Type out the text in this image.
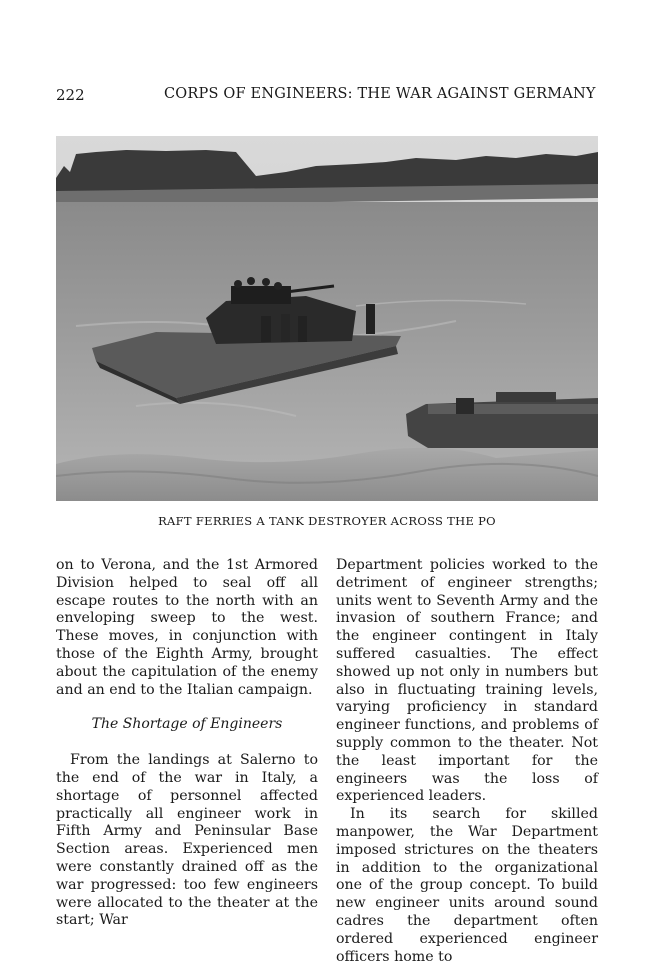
222	CORPS OF ENGINEERS: THE WAR AGAINST GERMANY
RAFT FERRIES A TANK DESTROYER ACROSS THE PO

on to Verona, and the 1st Armored Division helped to seal off all escape routes to the north with an enveloping sweep to the west. These moves, in conjunction with those of the Eighth Army, brought about the capitulation of the enemy and an end to the Italian campaign.

The Shortage of Engineers

From the landings at Salerno to the end of the war in Italy, a shortage of personnel affected practically all engineer work in Fifth Army and Peninsular Base Section areas. Experienced men were constantly drained off as the war progressed: too few engineers were allocated to the theater at the start; War

Department policies worked to the detriment of engineer strengths; units went to Seventh Army and the invasion of southern France; and the engineer contingent in Italy suffered casualties. The effect showed up not only in numbers but also in fluctuating training levels, varying proficiency in standard engineer functions, and problems of supply common to the theater. Not the least important for the engineers was the loss of experienced leaders.

In its search for skilled manpower, the War Department imposed strictures on the theaters in addition to the organizational one of the group concept. To build new engineer units around sound cadres the department often ordered experienced engineer officers home to
